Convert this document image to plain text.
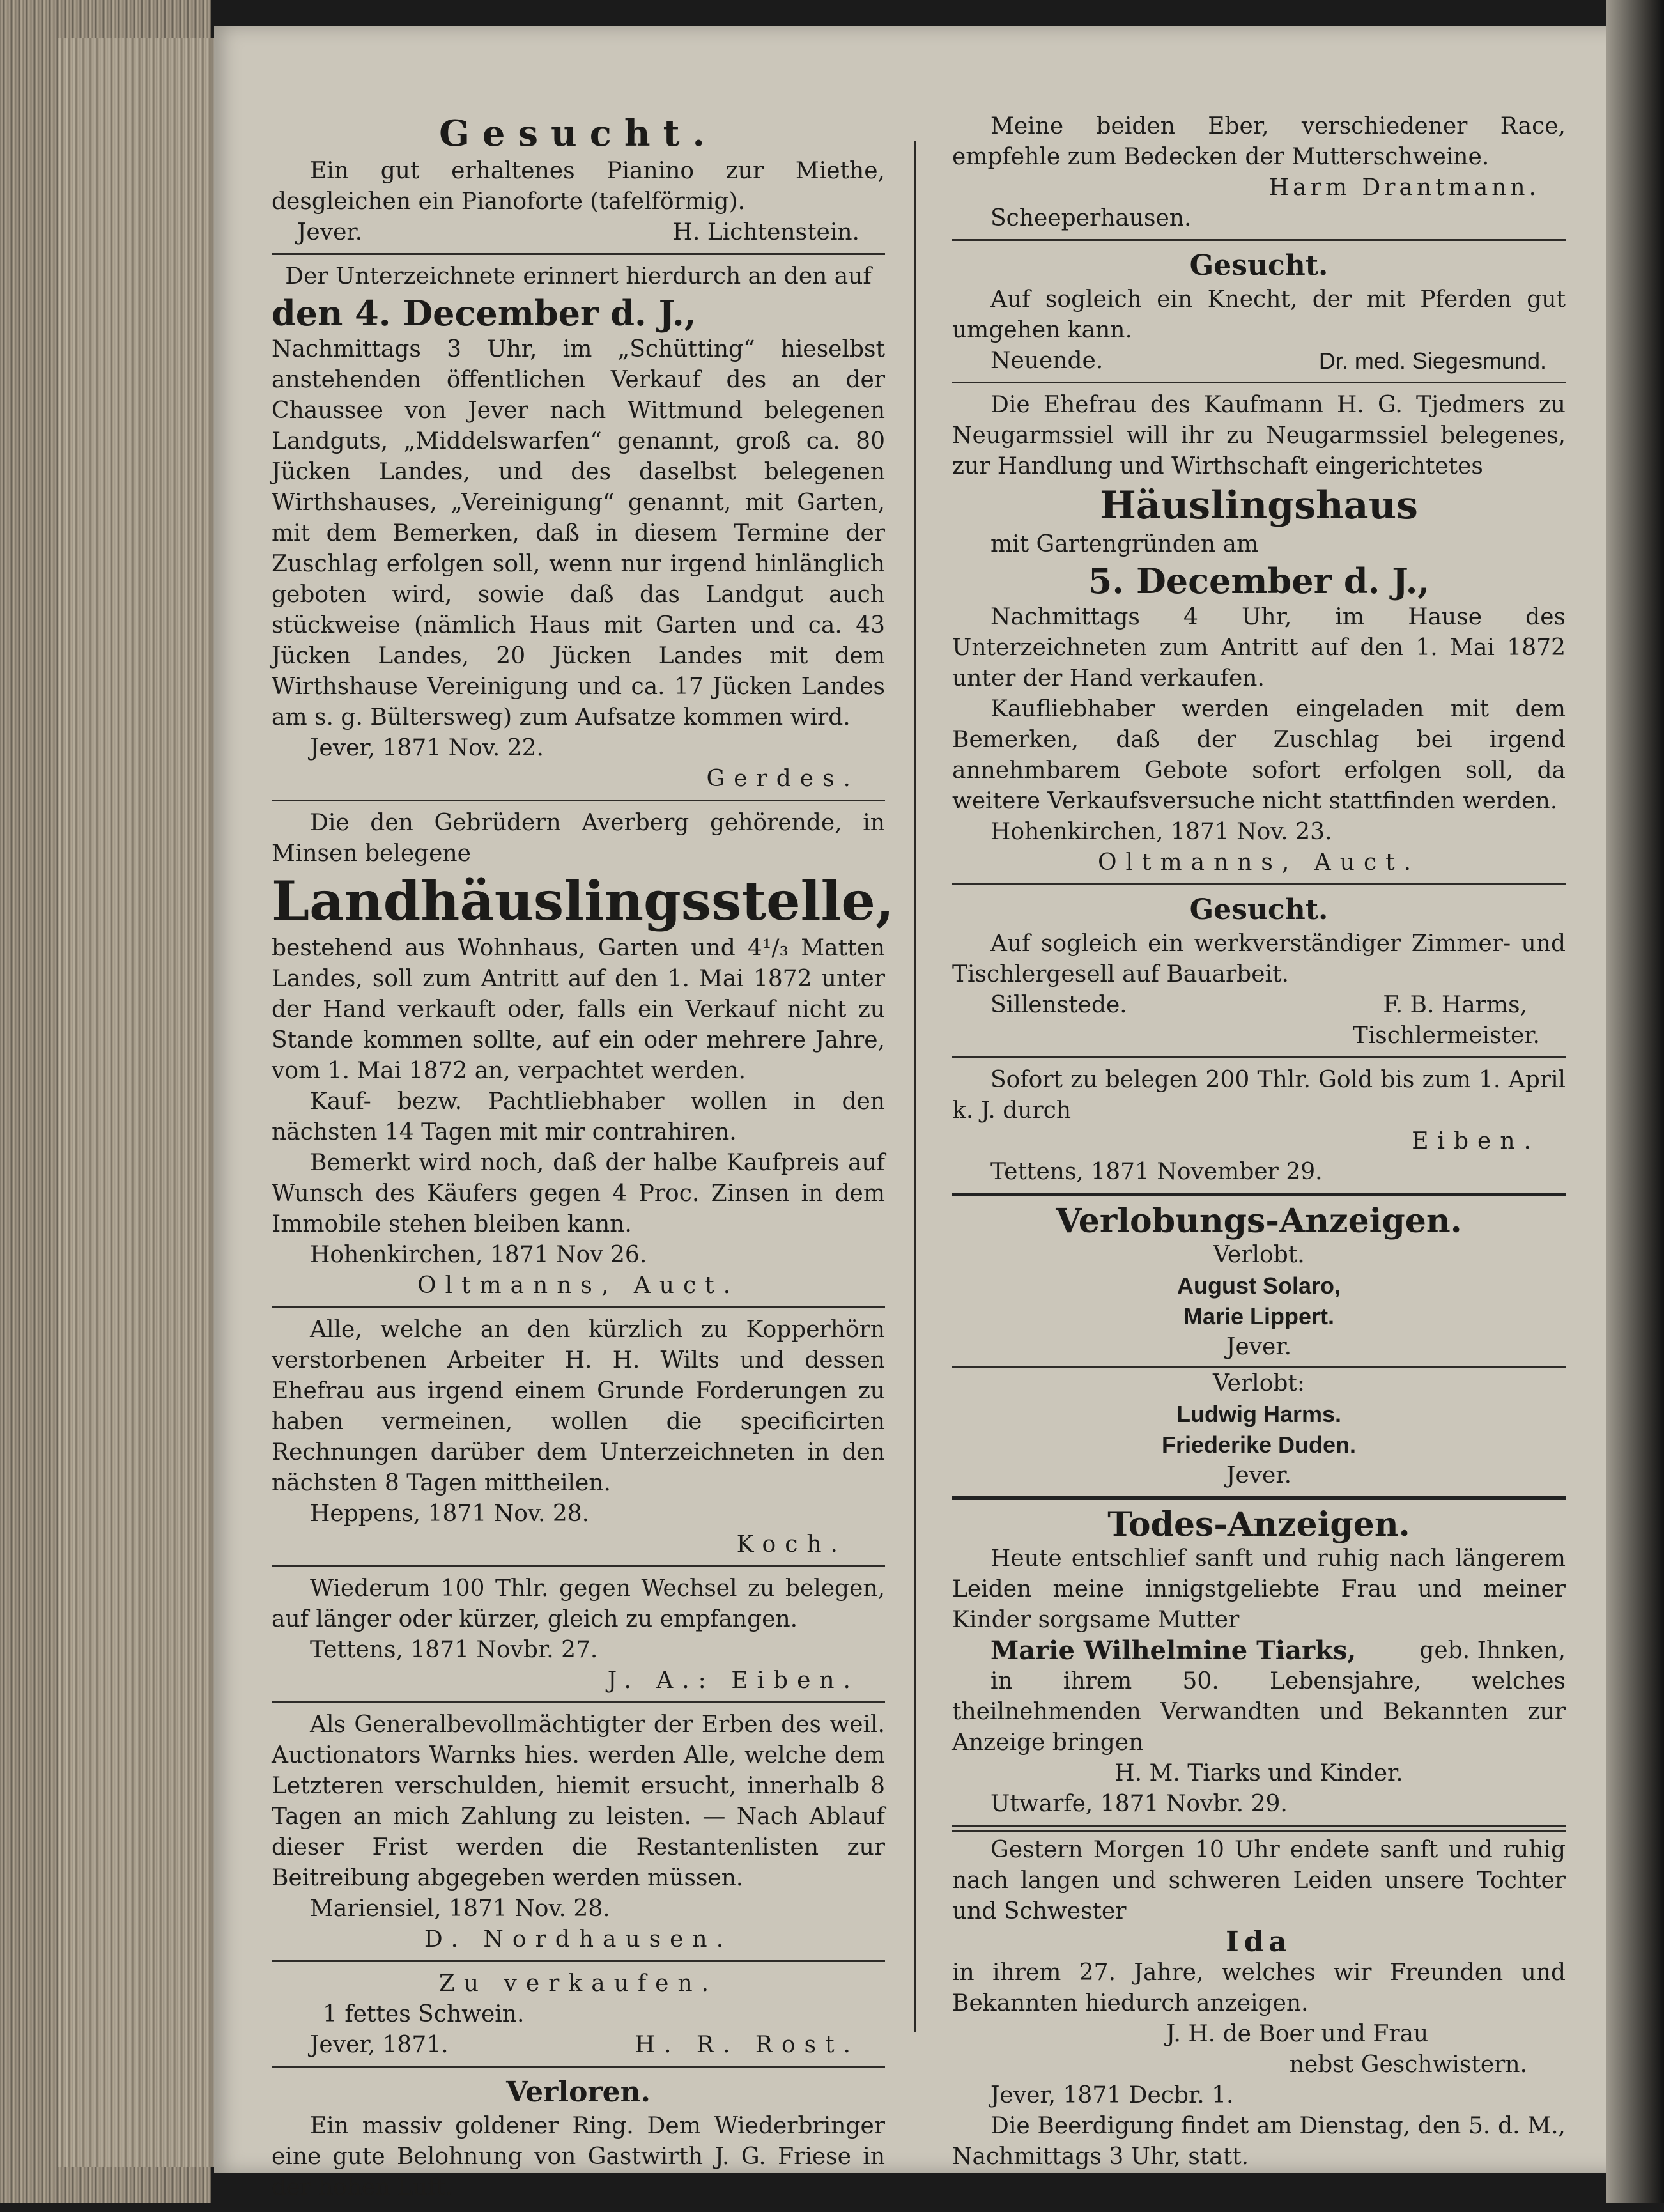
Gesucht.
Ein gut erhaltenes Pianino zur Miethe, desgleichen ein Pianoforte (tafelförmig).
Jever.	H. Lichtenstein.
Der Unterzeichnete erinnert hierdurch an den auf
den 4. December d. J.,
Nachmittags 3 Uhr, im „Schütting“ hieselbst anstehenden öffentlichen Verkauf des an der Chaussee von Jever nach Wittmund belegenen Landguts, „Middelswarfen“ genannt, groß ca. 80 Jücken Landes, und des daselbst belegenen Wirthshauses, „Vereinigung“ genannt, mit Garten, mit dem Bemerken, daß in diesem Termine der Zuschlag erfolgen soll, wenn nur irgend hinlänglich geboten wird, sowie daß das Landgut auch stückweise (nämlich Haus mit Garten und ca. 43 Jücken Landes, 20 Jücken Landes mit dem Wirthshause Vereinigung und ca. 17 Jücken Landes am s. g. Bültersweg) zum Aufsatze kommen wird.
Jever, 1871 Nov. 22.
Gerdes.
Die den Gebrüdern Averberg gehörende, in Minsen belegene
Landhäuslingsstelle,
bestehend aus Wohnhaus, Garten und 4¹/₃ Matten Landes, soll zum Antritt auf den 1. Mai 1872 unter der Hand verkauft oder, falls ein Verkauf nicht zu Stande kommen sollte, auf ein oder mehrere Jahre, vom 1. Mai 1872 an, verpachtet werden.
Kauf- bezw. Pachtliebhaber wollen in den nächsten 14 Tagen mit mir contrahiren.
Bemerkt wird noch, daß der halbe Kaufpreis auf Wunsch des Käufers gegen 4 Proc. Zinsen in dem Immobile stehen bleiben kann.
Hohenkirchen, 1871 Nov 26.
Oltmanns, Auct.
Alle, welche an den kürzlich zu Kopperhörn verstorbenen Arbeiter H. H. Wilts und dessen Ehefrau aus irgend einem Grunde Forderungen zu haben vermeinen, wollen die specificirten Rechnungen darüber dem Unterzeichneten in den nächsten 8 Tagen mittheilen.
Heppens, 1871 Nov. 28.
Koch.
Wiederum 100 Thlr. gegen Wechsel zu belegen, auf länger oder kürzer, gleich zu empfangen.
Tettens, 1871 Novbr. 27.
J. A.: Eiben.
Als Generalbevollmächtigter der Erben des weil. Auctionators Warnks hies. werden Alle, welche dem Letzteren verschulden, hiemit ersucht, innerhalb 8 Tagen an mich Zahlung zu leisten. — Nach Ablauf dieser Frist werden die Restantenlisten zur Beitreibung abgegeben werden müssen.
Mariensiel, 1871 Nov. 28.
D. Nordhausen.
Zu verkaufen.
1 fettes Schwein.
Jever, 1871.	H. R. Rost.
Verloren.
Ein massiv goldener Ring. Dem Wiederbringer eine gute Belohnung von Gastwirth J. G. Friese in der hohen Luft.
Meine beiden Eber, verschiedener Race, empfehle zum Bedecken der Mutterschweine.
Harm Drantmann.
Scheeperhausen.
Gesucht.
Auf sogleich ein Knecht, der mit Pferden gut umgehen kann.
Neuende.	Dr. med. Siegesmund.
Die Ehefrau des Kaufmann H. G. Tjedmers zu Neugarmssiel will ihr zu Neugarmssiel belegenes, zur Handlung und Wirthschaft eingerichtetes
Häuslingshaus
mit Gartengründen am
5. December d. J.,
Nachmittags 4 Uhr, im Hause des Unterzeichneten zum Antritt auf den 1. Mai 1872 unter der Hand verkaufen.
Kaufliebhaber werden eingeladen mit dem Bemerken, daß der Zuschlag bei irgend annehmbarem Gebote sofort erfolgen soll, da weitere Verkaufsversuche nicht stattfinden werden.
Hohenkirchen, 1871 Nov. 23.
Oltmanns, Auct.
Gesucht.
Auf sogleich ein werkverständiger Zimmer- und Tischlergesell auf Bauarbeit.
Sillenstede.	F. B. Harms,
Tischlermeister.
Sofort zu belegen 200 Thlr. Gold bis zum 1. April k. J. durch
Eiben.
Tettens, 1871 November 29.
Verlobungs-Anzeigen.
Verlobt.
August Solaro,
Marie Lippert.
Jever.
Verlobt:
Ludwig Harms.
Friederike Duden.
Jever.
Todes-Anzeigen.
Heute entschlief sanft und ruhig nach längerem Leiden meine innigstgeliebte Frau und meiner Kinder sorgsame Mutter
Marie Wilhelmine Tiarks,	geb. Ihnken,
in ihrem 50. Lebensjahre, welches theilnehmenden Verwandten und Bekannten zur Anzeige bringen
H. M. Tiarks und Kinder.
Utwarfe, 1871 Novbr. 29.
Gestern Morgen 10 Uhr endete sanft und ruhig nach langen und schweren Leiden unsere Tochter und Schwester
Ida
in ihrem 27. Jahre, welches wir Freunden und Bekannten hiedurch anzeigen.
J. H. de Boer und Frau
nebst Geschwistern.
Jever, 1871 Decbr. 1.
Die Beerdigung findet am Dienstag, den 5. d. M., Nachmittags 3 Uhr, statt.
